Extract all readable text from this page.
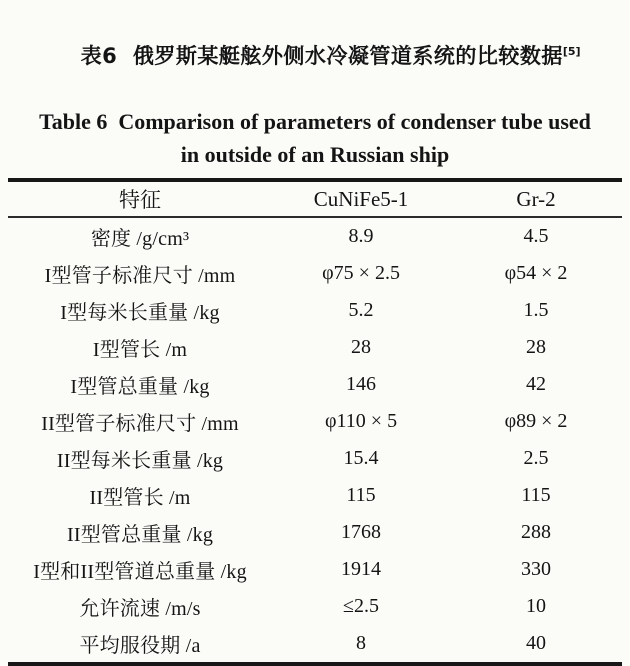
表6  俄罗斯某艇舷外侧水冷凝管道系统的比较数据[5]

Table 6  Comparison of parameters of condenser tube used
in outside of an Russian ship
特征	CuNiFe5-1	Gr-2
密度 /g/cm³	8.9	4.5
I型管子标准尺寸 /mm	φ75 × 2.5	φ54 × 2
I型每米长重量 /kg	5.2	1.5
I型管长 /m	28	28
I型管总重量 /kg	146	42
II型管子标准尺寸 /mm	φ110 × 5	φ89 × 2
II型每米长重量 /kg	15.4	2.5
II型管长 /m	115	115
II型管总重量 /kg	1768	288
I型和II型管道总重量 /kg	1914	330
允许流速 /m/s	≤2.5	10
平均服役期 /a	8	40
